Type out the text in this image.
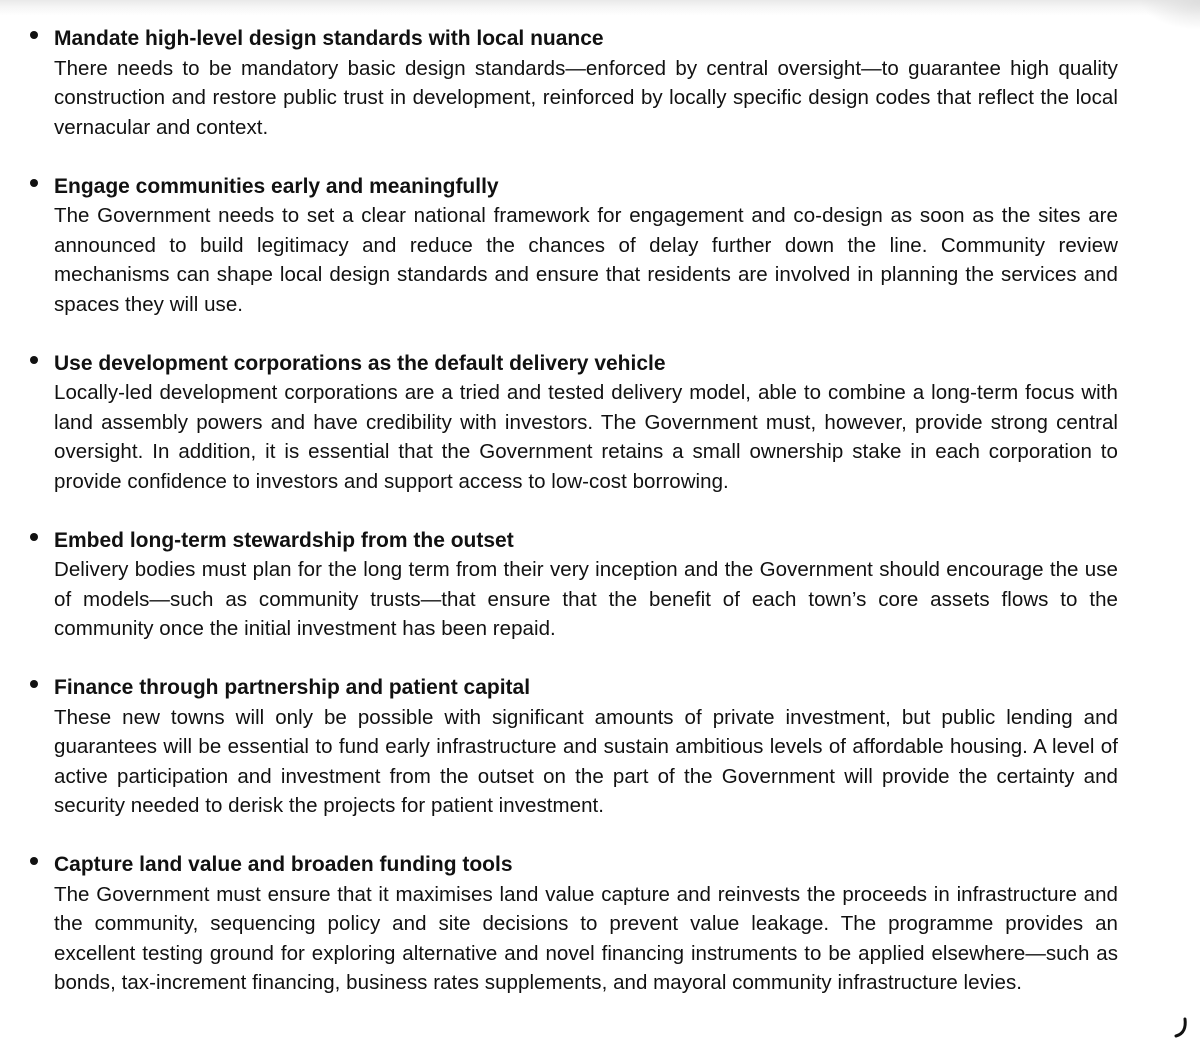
Mandate high-level design standards with local nuance

There needs to be mandatory basic design standards—enforced by central oversight—to guarantee high quality construction and restore public trust in development, reinforced by locally specific design codes that reflect the local vernacular and context.

Engage communities early and meaningfully

The Government needs to set a clear national framework for engagement and co-design as soon as the sites are announced to build legitimacy and reduce the chances of delay further down the line. Community review mechanisms can shape local design standards and ensure that residents are involved in planning the services and spaces they will use.

Use development corporations as the default delivery vehicle

Locally-led development corporations are a tried and tested delivery model, able to combine a long-term focus with land assembly powers and have credibility with investors. The Government must, however, provide strong central oversight. In addition, it is essential that the Government retains a small ownership stake in each corporation to provide confidence to investors and support access to low-cost borrowing.

Embed long-term stewardship from the outset

Delivery bodies must plan for the long term from their very inception and the Government should encourage the use of models—such as community trusts—that ensure that the benefit of each town’s core assets flows to the community once the initial investment has been repaid.

Finance through partnership and patient capital

These new towns will only be possible with significant amounts of private investment, but public lending and guarantees will be essential to fund early infrastructure and sustain ambitious levels of affordable housing. A level of active participation and investment from the outset on the part of the Government will provide the certainty and security needed to derisk the projects for patient investment.

Capture land value and broaden funding tools

The Government must ensure that it maximises land value capture and reinvests the proceeds in infrastructure and the community, sequencing policy and site decisions to prevent value leakage. The programme provides an excellent testing ground for exploring alternative and novel financing instruments to be applied elsewhere—such as bonds, tax-increment financing, business rates supplements, and mayoral community infrastructure levies.
